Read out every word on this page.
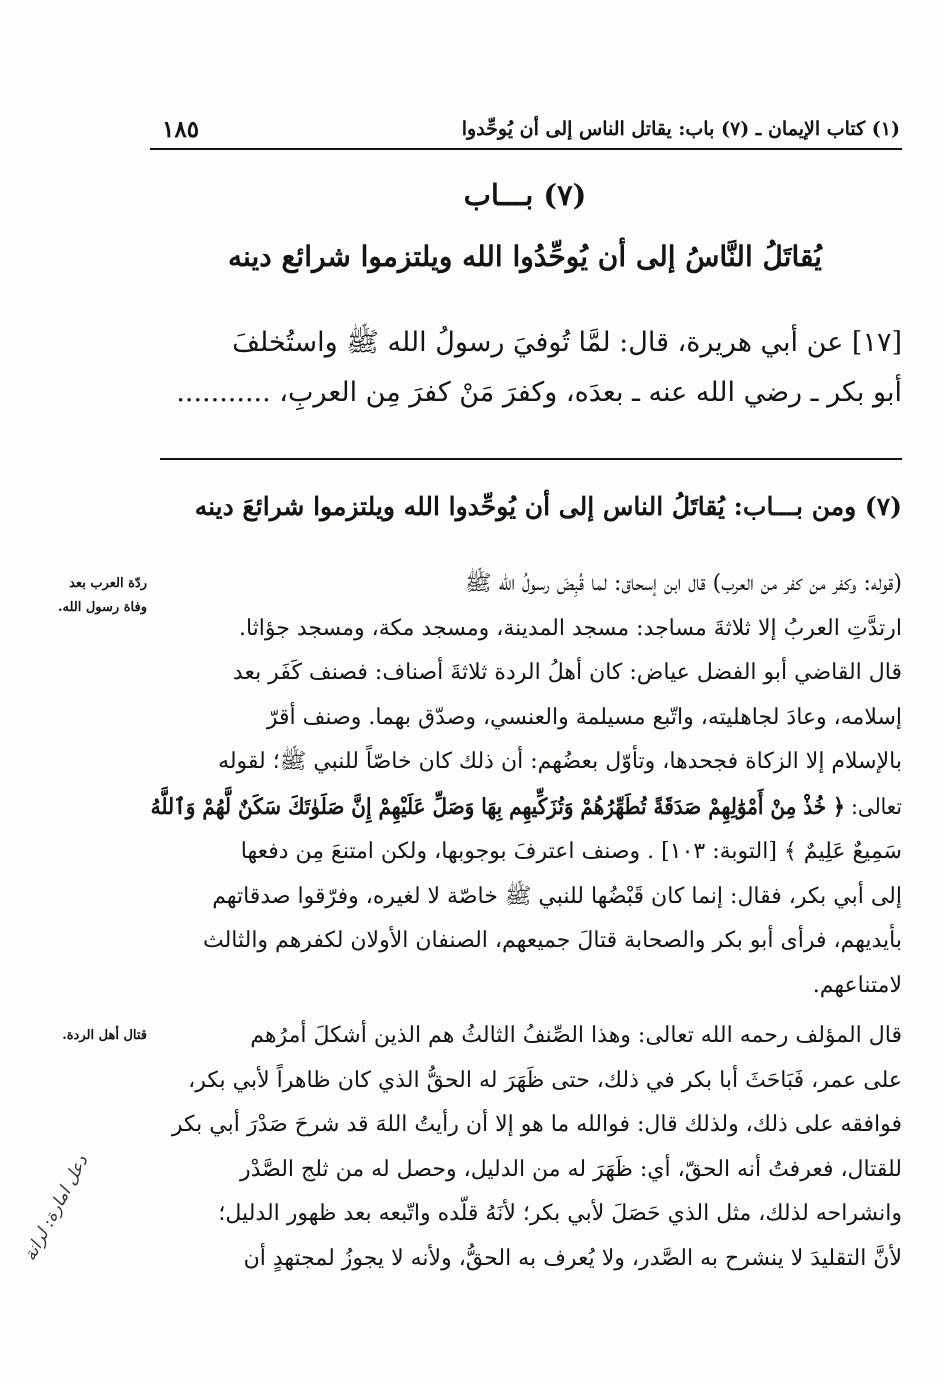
(١) كتاب الإيمان ـ (٧) باب: يقاتل الناس إلى أن يُوحِّدوا
١٨٥
(٧) بـــاب
يُقاتَلُ النَّاسُ إلى أن يُوحِّدُوا الله ويلتزموا شرائع دينه
[١٧] عن أبي هريرة، قال: لمَّا تُوفيَ رسولُ الله ﷺ واستُخلفَ
أبو بكر ـ رضي الله عنه ـ بعدَه، وكفرَ مَنْ كفرَ مِن العربِ، ...........
(٧) ومن بـــاب: يُقاتَلُ الناس إلى أن يُوحِّدوا الله ويلتزموا شرائعَ دينه
(قوله: وكفر من كفر من العرب) قال ابن إسحاق: لما قُبِضَ رسولُ الله ﷺ
ارتدَّتِ العربُ إلا ثلاثةَ مساجد: مسجد المدينة، ومسجد مكة، ومسجد جؤاثا.
قال القاضي أبو الفضل عياض: كان أهلُ الردة ثلاثةَ أصناف: فصنف كَفَر بعد
إسلامه، وعادَ لجاهليته، واتّبع مسيلمة والعنسي، وصدّق بهما. وصنف أقرّ
بالإسلام إلا الزكاة فجحدها، وتأوّل بعضُهم: أن ذلك كان خاصّاً للنبي ﷺ؛ لقوله
تعالى: ﴿ خُذْ مِنْ أَمْوَٰلِهِمْ صَدَقَةً تُطَهِّرُهُمْ وَتُزَكِّيهِم بِهَا وَصَلِّ عَلَيْهِمْ إِنَّ صَلَوٰتَكَ سَكَنٌ لَّهُمْ وَٱللَّهُ
سَمِيعٌ عَلِيمٌ ﴾ [التوبة: ١٠٣] . وصنف اعترفَ بوجوبها، ولكن امتنعَ مِن دفعها
إلى أبي بكر، فقال: إنما كان قَبْضُها للنبي ﷺ خاصّة لا لغيره، وفرّقوا صدقاتهم
بأيديهم، فرأى أبو بكر والصحابة قتالَ جميعهم، الصنفان الأولان لكفرهم والثالث
لامتناعهم.
ردّة العرب بعد
وفاة رسول الله.
قال المؤلف رحمه الله تعالى: وهذا الصِّنفُ الثالثُ هم الذين أشكلَ أمرُهم
على عمر، فَبَاحَثَ أبا بكر في ذلك، حتى ظَهَرَ له الحقُّ الذي كان ظاهراً لأبي بكر،
فوافقه على ذلك، ولذلك قال: فوالله ما هو إلا أن رأيتُ اللهَ قد شرحَ صَدْرَ أبي بكر
للقتال، فعرفتُ أنه الحقّ، أي: ظَهَرَ له من الدليل، وحصل له من ثلج الصَّدْر
وانشراحه لذلك، مثل الذي حَصَلَ لأبي بكر؛ لأنَهُ قلّده واتّبعه بعد ظهور الدليل؛
لأنَّ التقليدَ لا ينشرح به الصَّدر، ولا يُعرف به الحقُّ، ولأنه لا يجوزُ لمجتهدٍ أن
قتال أهل الردة.
دعل امارة: لرانة
